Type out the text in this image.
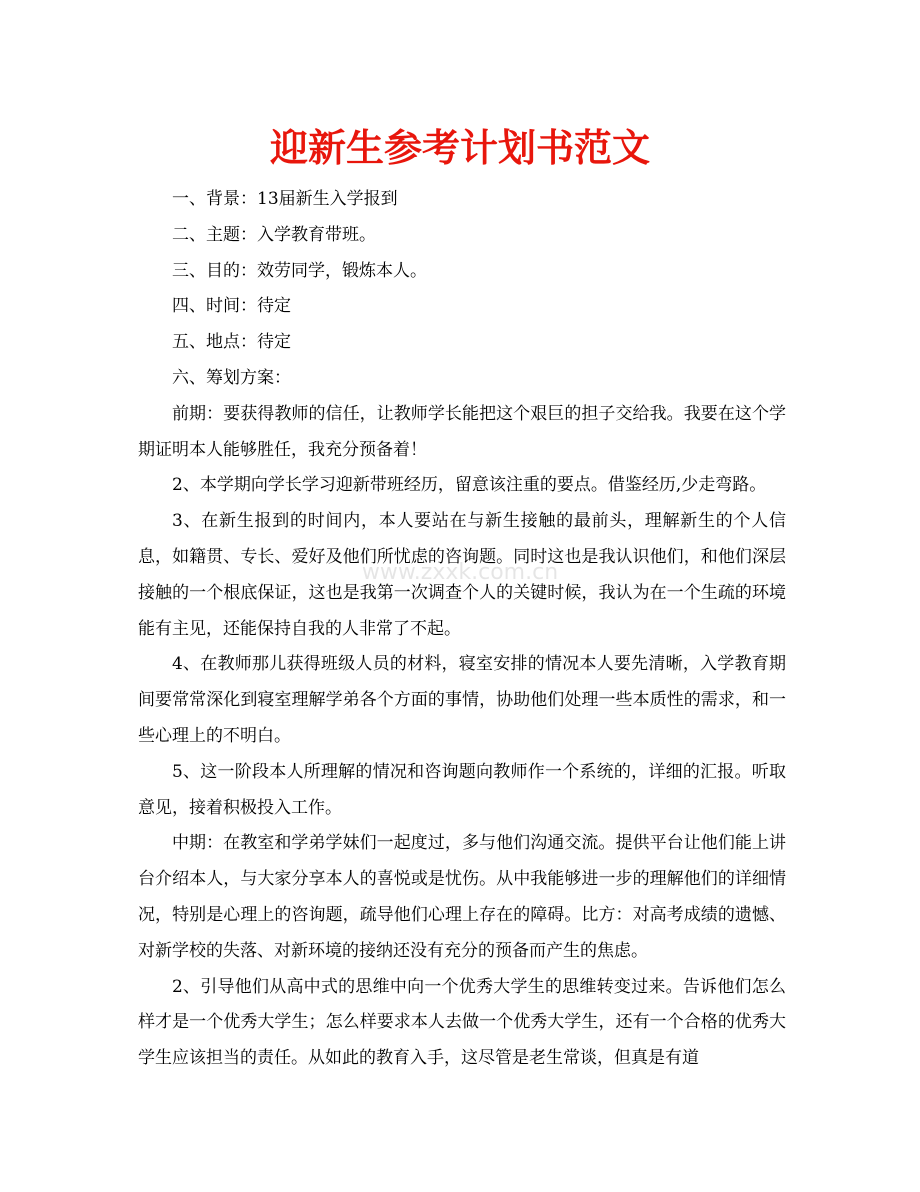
迎新生参考计划书范文
www.zxxk.com.cn

一、背景：13届新生入学报到

二、主题：入学教育带班。

三、目的：效劳同学，锻炼本人。

四、时间：待定

五、地点：待定

六、筹划方案：

前期：要获得教师的信任，让教师学长能把这个艰巨的担子交给我。我要在这个学期证明本人能够胜任，我充分预备着！

2、本学期向学长学习迎新带班经历，留意该注重的要点。借鉴经历,少走弯路。

3、在新生报到的时间内，本人要站在与新生接触的最前头，理解新生的个人信息，如籍贯、专长、爱好及他们所忧虑的咨询题。同时这也是我认识他们，和他们深层接触的一个根底保证，这也是我第一次调查个人的关键时候，我认为在一个生疏的环境能有主见，还能保持自我的人非常了不起。

4、在教师那儿获得班级人员的材料，寝室安排的情况本人要先清晰，入学教育期间要常常深化到寝室理解学弟各个方面的事情，协助他们处理一些本质性的需求，和一些心理上的不明白。

5、这一阶段本人所理解的情况和咨询题向教师作一个系统的，详细的汇报。听取意见，接着积极投入工作。

中期：在教室和学弟学妹们一起度过，多与他们沟通交流。提供平台让他们能上讲台介绍本人，与大家分享本人的喜悦或是忧伤。从中我能够进一步的理解他们的详细情况，特别是心理上的咨询题，疏导他们心理上存在的障碍。比方：对高考成绩的遗憾、对新学校的失落、对新环境的接纳还没有充分的预备而产生的焦虑。

2、引导他们从高中式的思维中向一个优秀大学生的思维转变过来。告诉他们怎么样才是一个优秀大学生；怎么样要求本人去做一个优秀大学生，还有一个合格的优秀大学生应该担当的责任。从如此的教育入手，这尽管是老生常谈，但真是有道
